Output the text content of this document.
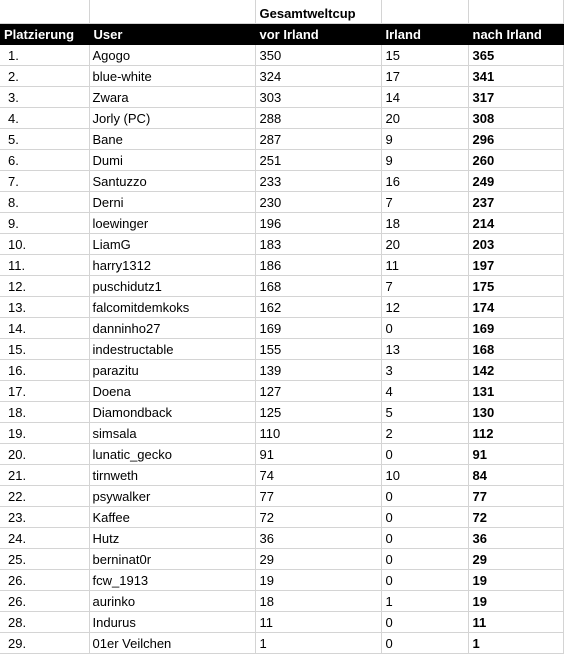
		Gesamtweltcup		
Platzierung	User	vor Irland	Irland	nach Irland
1.	Agogo	350	15	365
2.	blue-white	324	17	341
3.	Zwara	303	14	317
4.	Jorly (PC)	288	20	308
5.	Bane	287	9	296
6.	Dumi	251	9	260
7.	Santuzzo	233	16	249
8.	Derni	230	7	237
9.	loewinger	196	18	214
10.	LiamG	183	20	203
11.	harry1312	186	11	197
12.	puschidutz1	168	7	175
13.	falcomitdemkoks	162	12	174
14.	danninho27	169	0	169
15.	indestructable	155	13	168
16.	parazitu	139	3	142
17.	Doena	127	4	131
18.	Diamondback	125	5	130
19.	simsala	110	2	112
20.	lunatic_gecko	91	0	91
21.	tirnweth	74	10	84
22.	psywalker	77	0	77
23.	Kaffee	72	0	72
24.	Hutz	36	0	36
25.	berninat0r	29	0	29
26.	fcw_1913	19	0	19
26.	aurinko	18	1	19
28.	Indurus	11	0	11
29.	01er Veilchen	1	0	1
